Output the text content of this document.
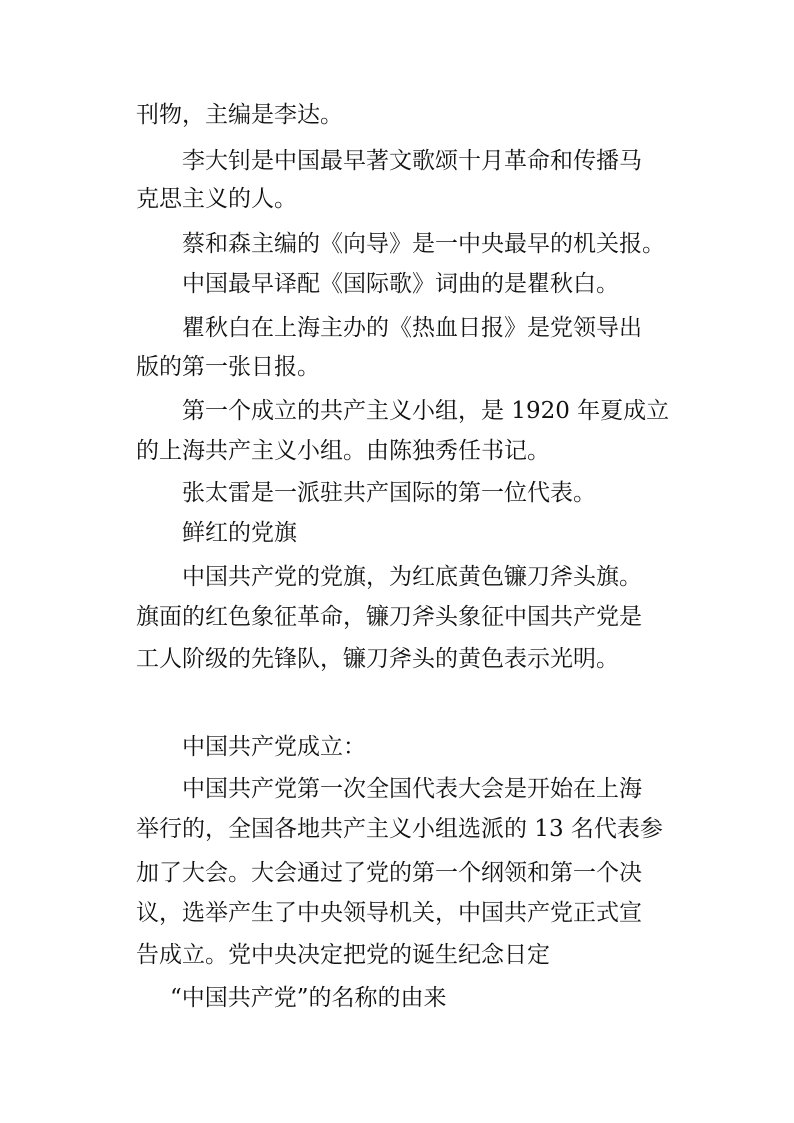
刊物，主编是李达。
李大钊是中国最早著文歌颂十月革命和传播马
克思主义的人。
蔡和森主编的《向导》是一中央最早的机关报。
中国最早译配《国际歌》词曲的是瞿秋白。
瞿秋白在上海主办的《热血日报》是党领导出
版的第一张日报。
第一个成立的共产主义小组，是 1920 年夏成立
的上海共产主义小组。由陈独秀任书记。
张太雷是一派驻共产国际的第一位代表。
鲜红的党旗
中国共产党的党旗，为红底黄色镰刀斧头旗。
旗面的红色象征革命，镰刀斧头象征中国共产党是
工人阶级的先锋队，镰刀斧头的黄色表示光明。
中国共产党成立：
中国共产党第一次全国代表大会是开始在上海
举行的，全国各地共产主义小组选派的 13 名代表参
加了大会。大会通过了党的第一个纲领和第一个决
议，选举产生了中央领导机关，中国共产党正式宣
告成立。党中央决定把党的诞生纪念日定
“中国共产党”的名称的由来
